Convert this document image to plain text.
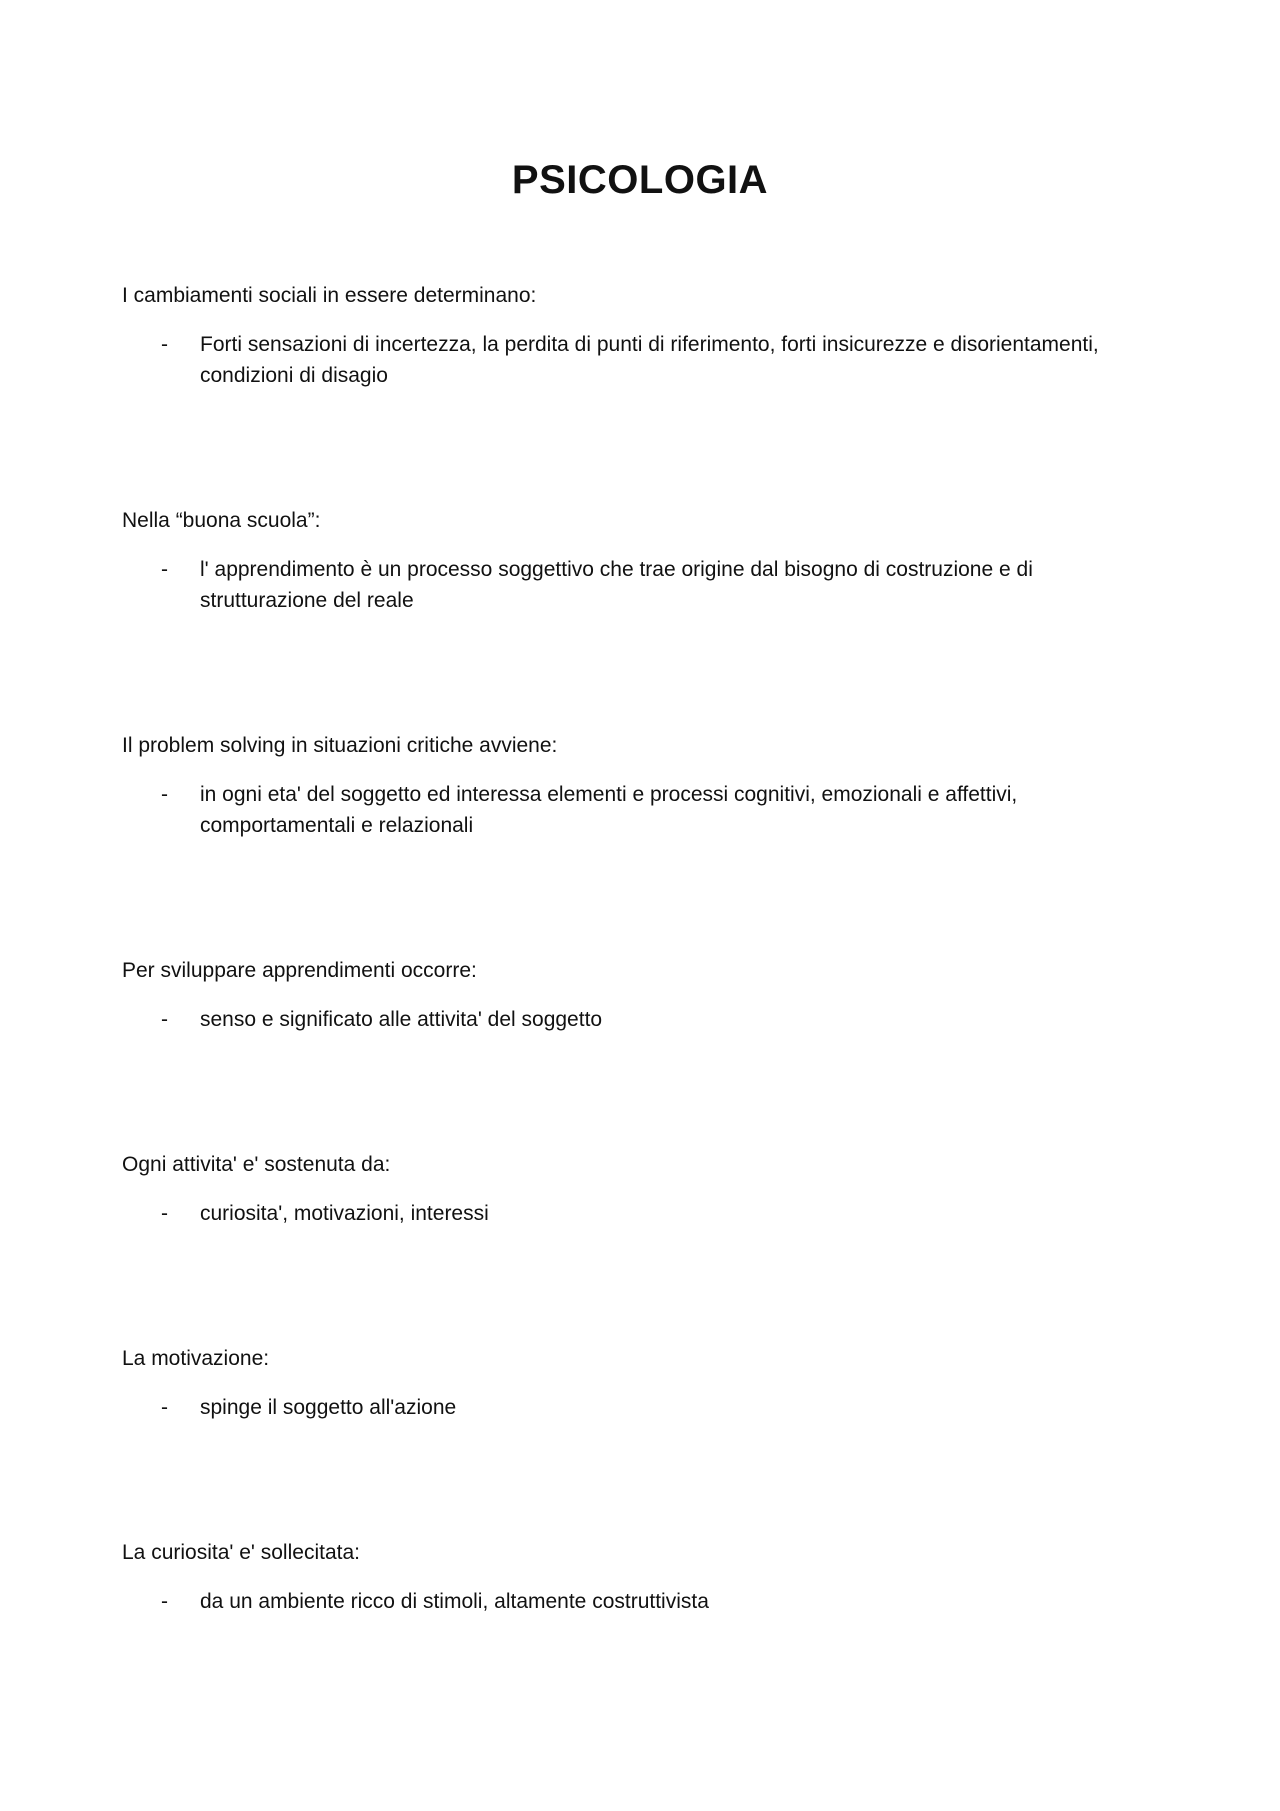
PSICOLOGIA

I cambiamenti sociali in essere determinano:

- Forti sensazioni di incertezza, la perdita di punti di riferimento, forti insicurezze e disorientamenti, condizioni di disagio

Nella “buona scuola”:

- l' apprendimento è un processo soggettivo che trae origine dal bisogno di costruzione e di strutturazione del reale

Il problem solving in situazioni critiche avviene:

- in ogni eta' del soggetto ed interessa elementi e processi cognitivi, emozionali e affettivi, comportamentali e relazionali

Per sviluppare apprendimenti occorre:

- senso e significato alle attivita' del soggetto

Ogni attivita' e' sostenuta da:

- curiosita', motivazioni, interessi

La motivazione:

- spinge il soggetto all'azione

La curiosita' e' sollecitata:

- da un ambiente ricco di stimoli, altamente costruttivista
